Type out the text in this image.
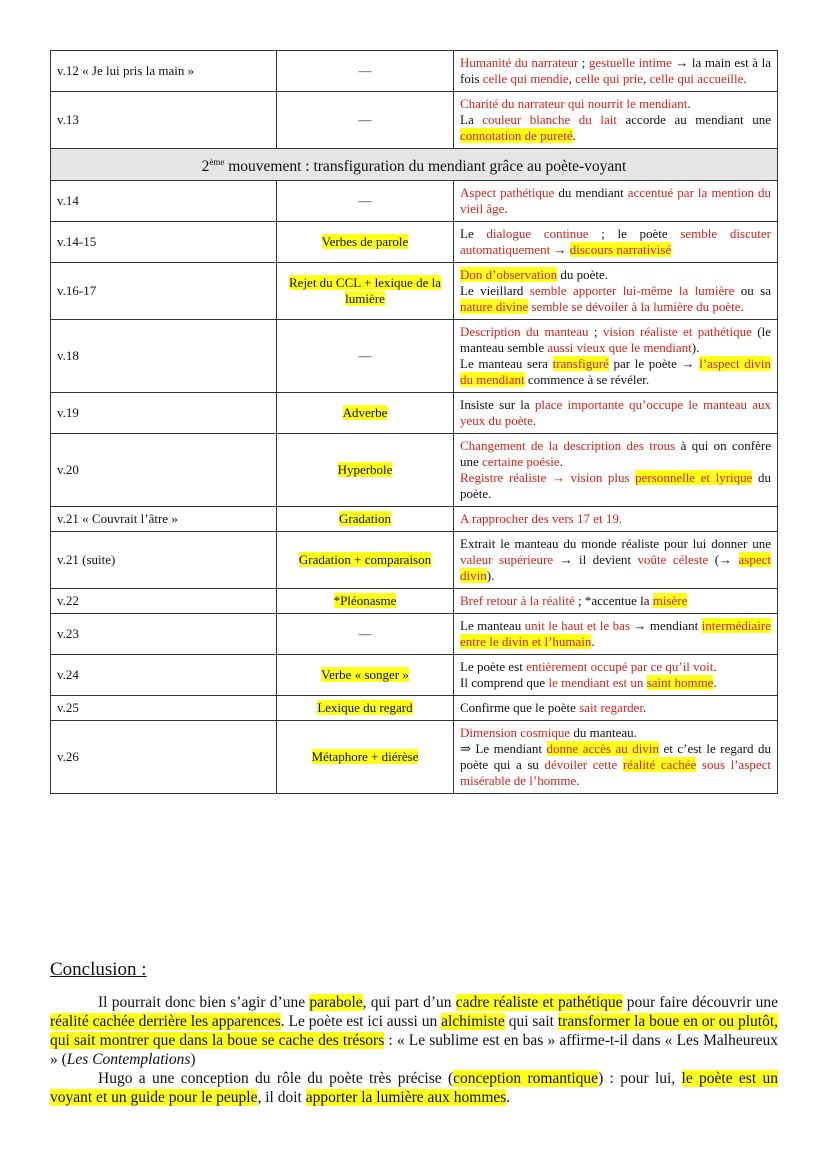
v.12 « Je lui pris la main »	—	Humanité du narrateur ; gestuelle intime → la main est à la fois celle qui mendie, celle qui prie, celle qui accueille.
v.13	—	Charité du narrateur qui nourrit le mendiant.
La couleur blanche du lait accorde au mendiant une connotation de pureté.
2ème mouvement : transfiguration du mendiant grâce au poète-voyant		
v.14	—	Aspect pathétique du mendiant accentué par la mention du vieil âge.
v.14-15	Verbes de parole	Le dialogue continue ; le poète semble discuter automatiquement → discours narrativisé
v.16-17	Rejet du CCL + lexique de la lumière	Don d’observation du poète.
Le vieillard semble apporter lui-même la lumière ou sa nature divine semble se dévoiler à la lumière du poète.
v.18	—	Description du manteau ; vision réaliste et pathétique (le manteau semble aussi vieux que le mendiant).
Le manteau sera transfiguré par le poète → l’aspect divin du mendiant commence à se révéler.
v.19	Adverbe	Insiste sur la place importante qu’occupe le manteau aux yeux du poète.
v.20	Hyperbole	Changement de la description des trous à qui on confère une certaine poésie.
Registre réaliste → vision plus personnelle et lyrique du poète.
v.21 « Couvrait l’âtre »	Gradation	A rapprocher des vers 17 et 19.
v.21 (suite)	Gradation + comparaison	Extrait le manteau du monde réaliste pour lui donner une valeur supérieure → il devient voûte céleste (→ aspect divin).
v.22	*Pléonasme	Bref retour à la réalité ; *accentue la misère
v.23	—	Le manteau unit le haut et le bas → mendiant intermédiaire entre le divin et l’humain.
v.24	Verbe « songer »	Le poète est entièrement occupé par ce qu’il voit.
Il comprend que le mendiant est un saint homme.
v.25	Lexique du regard	Confirme que le poète sait regarder.
v.26	Métaphore + diérèse	Dimension cosmique du manteau.
⇒ Le mendiant donne accès au divin et c’est le regard du poète qui a su dévoiler cette réalité cachée sous l’aspect misérable de l’homme.
Conclusion :

Il pourrait donc bien s’agir d’une parabole, qui part d’un cadre réaliste et pathétique pour faire découvrir une réalité cachée derrière les apparences. Le poète est ici aussi un alchimiste qui sait transformer la boue en or ou plutôt, qui sait montrer que dans la boue se cache des trésors : « Le sublime est en bas » affirme-t-il dans « Les Malheureux » (Les Contemplations)

Hugo a une conception du rôle du poète très précise (conception romantique) : pour lui, le poète est un voyant et un guide pour le peuple, il doit apporter la lumière aux hommes.
